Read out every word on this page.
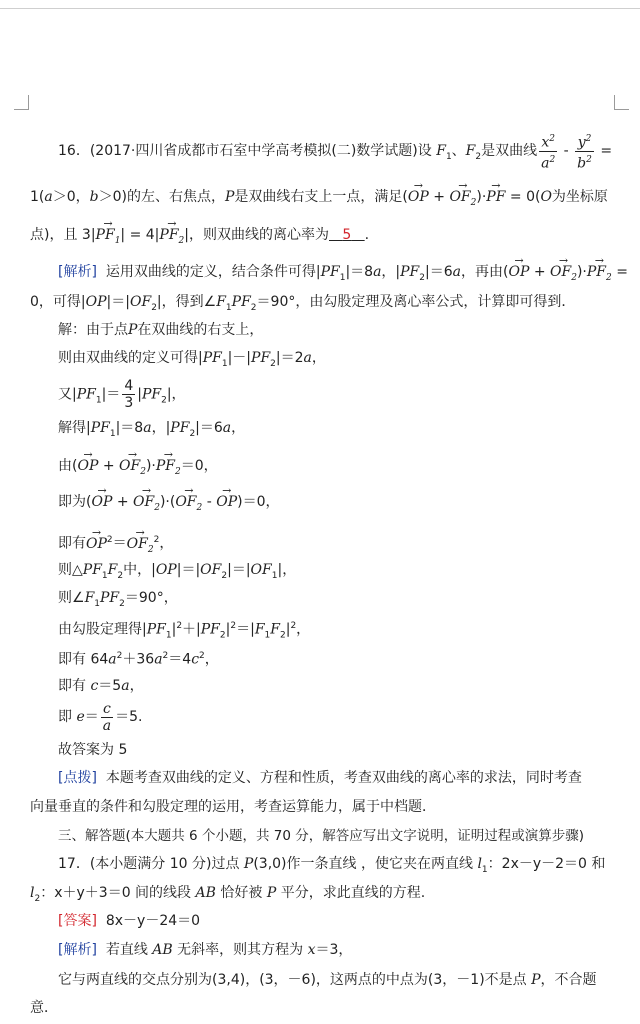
16．(2017·四川省成都市石室中学高考模拟(二)数学试题)设 $F_1$、$F_2$是双曲线 $\frac{x^2}{a^2} - \frac{y^2}{b^2}$ =
1(a＞0，b＞0)的左、右焦点，P是双曲线右支上一点，满足(→ OP + → $OF_2)\cdot\to$ PF = 0(O为坐标原
点)，且 $3|\to PF_1| = 4|\to PF_2|$，则双曲线的离心率为 5 .
[解析] 运用双曲线的定义，结合条件可得$|PF_1|=8a$，$|PF_2|=6a$，再由(→ OP + → $OF_2)\cdot\to PF_2$ =
0，可得$|OP|=|OF_2|$，得到$\angle F_1PF_2=90^\circ$，由勾股定理及离心率公式，计算即可得到．
解：由于点P在双曲线的右支上，
则由双曲线的定义可得$|PF_1|-|PF_2|=2a$，
又$|PF_1|= \frac{4}{3} |PF_2|$，
解得$|PF_1|=8a$，$|PF_2|=6a$，
由(→ OP + → $OF_2)\cdot\to PF_2=0$，
即为(→ OP + → $OF_2)\cdot(\to OF_2$ - → OP)＝0，
即有→ $OP^2=\to OF_2^2$，
则$\triangle PF_1F_2$中，$|OP|=|OF_2|=|OF_1|$，
则$\angle F_1PF_2=90^\circ$，
由勾股定理得$|PF_1|^2+|PF_2|^2=|F_1F_2|^2$，
即有 $64a^2+36a^2=4c^2$，
即有 c＝5a，
即 $e= \frac{c}{a} =5$.
故答案为 5
[点拨] 本题考查双曲线的定义、方程和性质，考查双曲线的离心率的求法，同时考查
向量垂直的条件和勾股定理的运用，考查运算能力，属于中档题．
三、解答题(本大题共 6 个小题，共 70 分，解答应写出文字说明，证明过程或演算步骤)
17．(本小题满分 10 分)过点 P(3,0)作一条直线 ，使它夹在两直线 $l_1$：2x－y－2＝0 和
$l_2$：x＋y＋3＝0 间的线段 AB 恰好被 P 平分，求此直线的方程.
[答案] 8x－y－24＝0
[解析] 若直线 AB 无斜率，则其方程为 x＝3，
它与两直线的交点分别为(3,4)，(3，－6)，这两点的中点为(3，－1)不是点 P，不合题
意．
